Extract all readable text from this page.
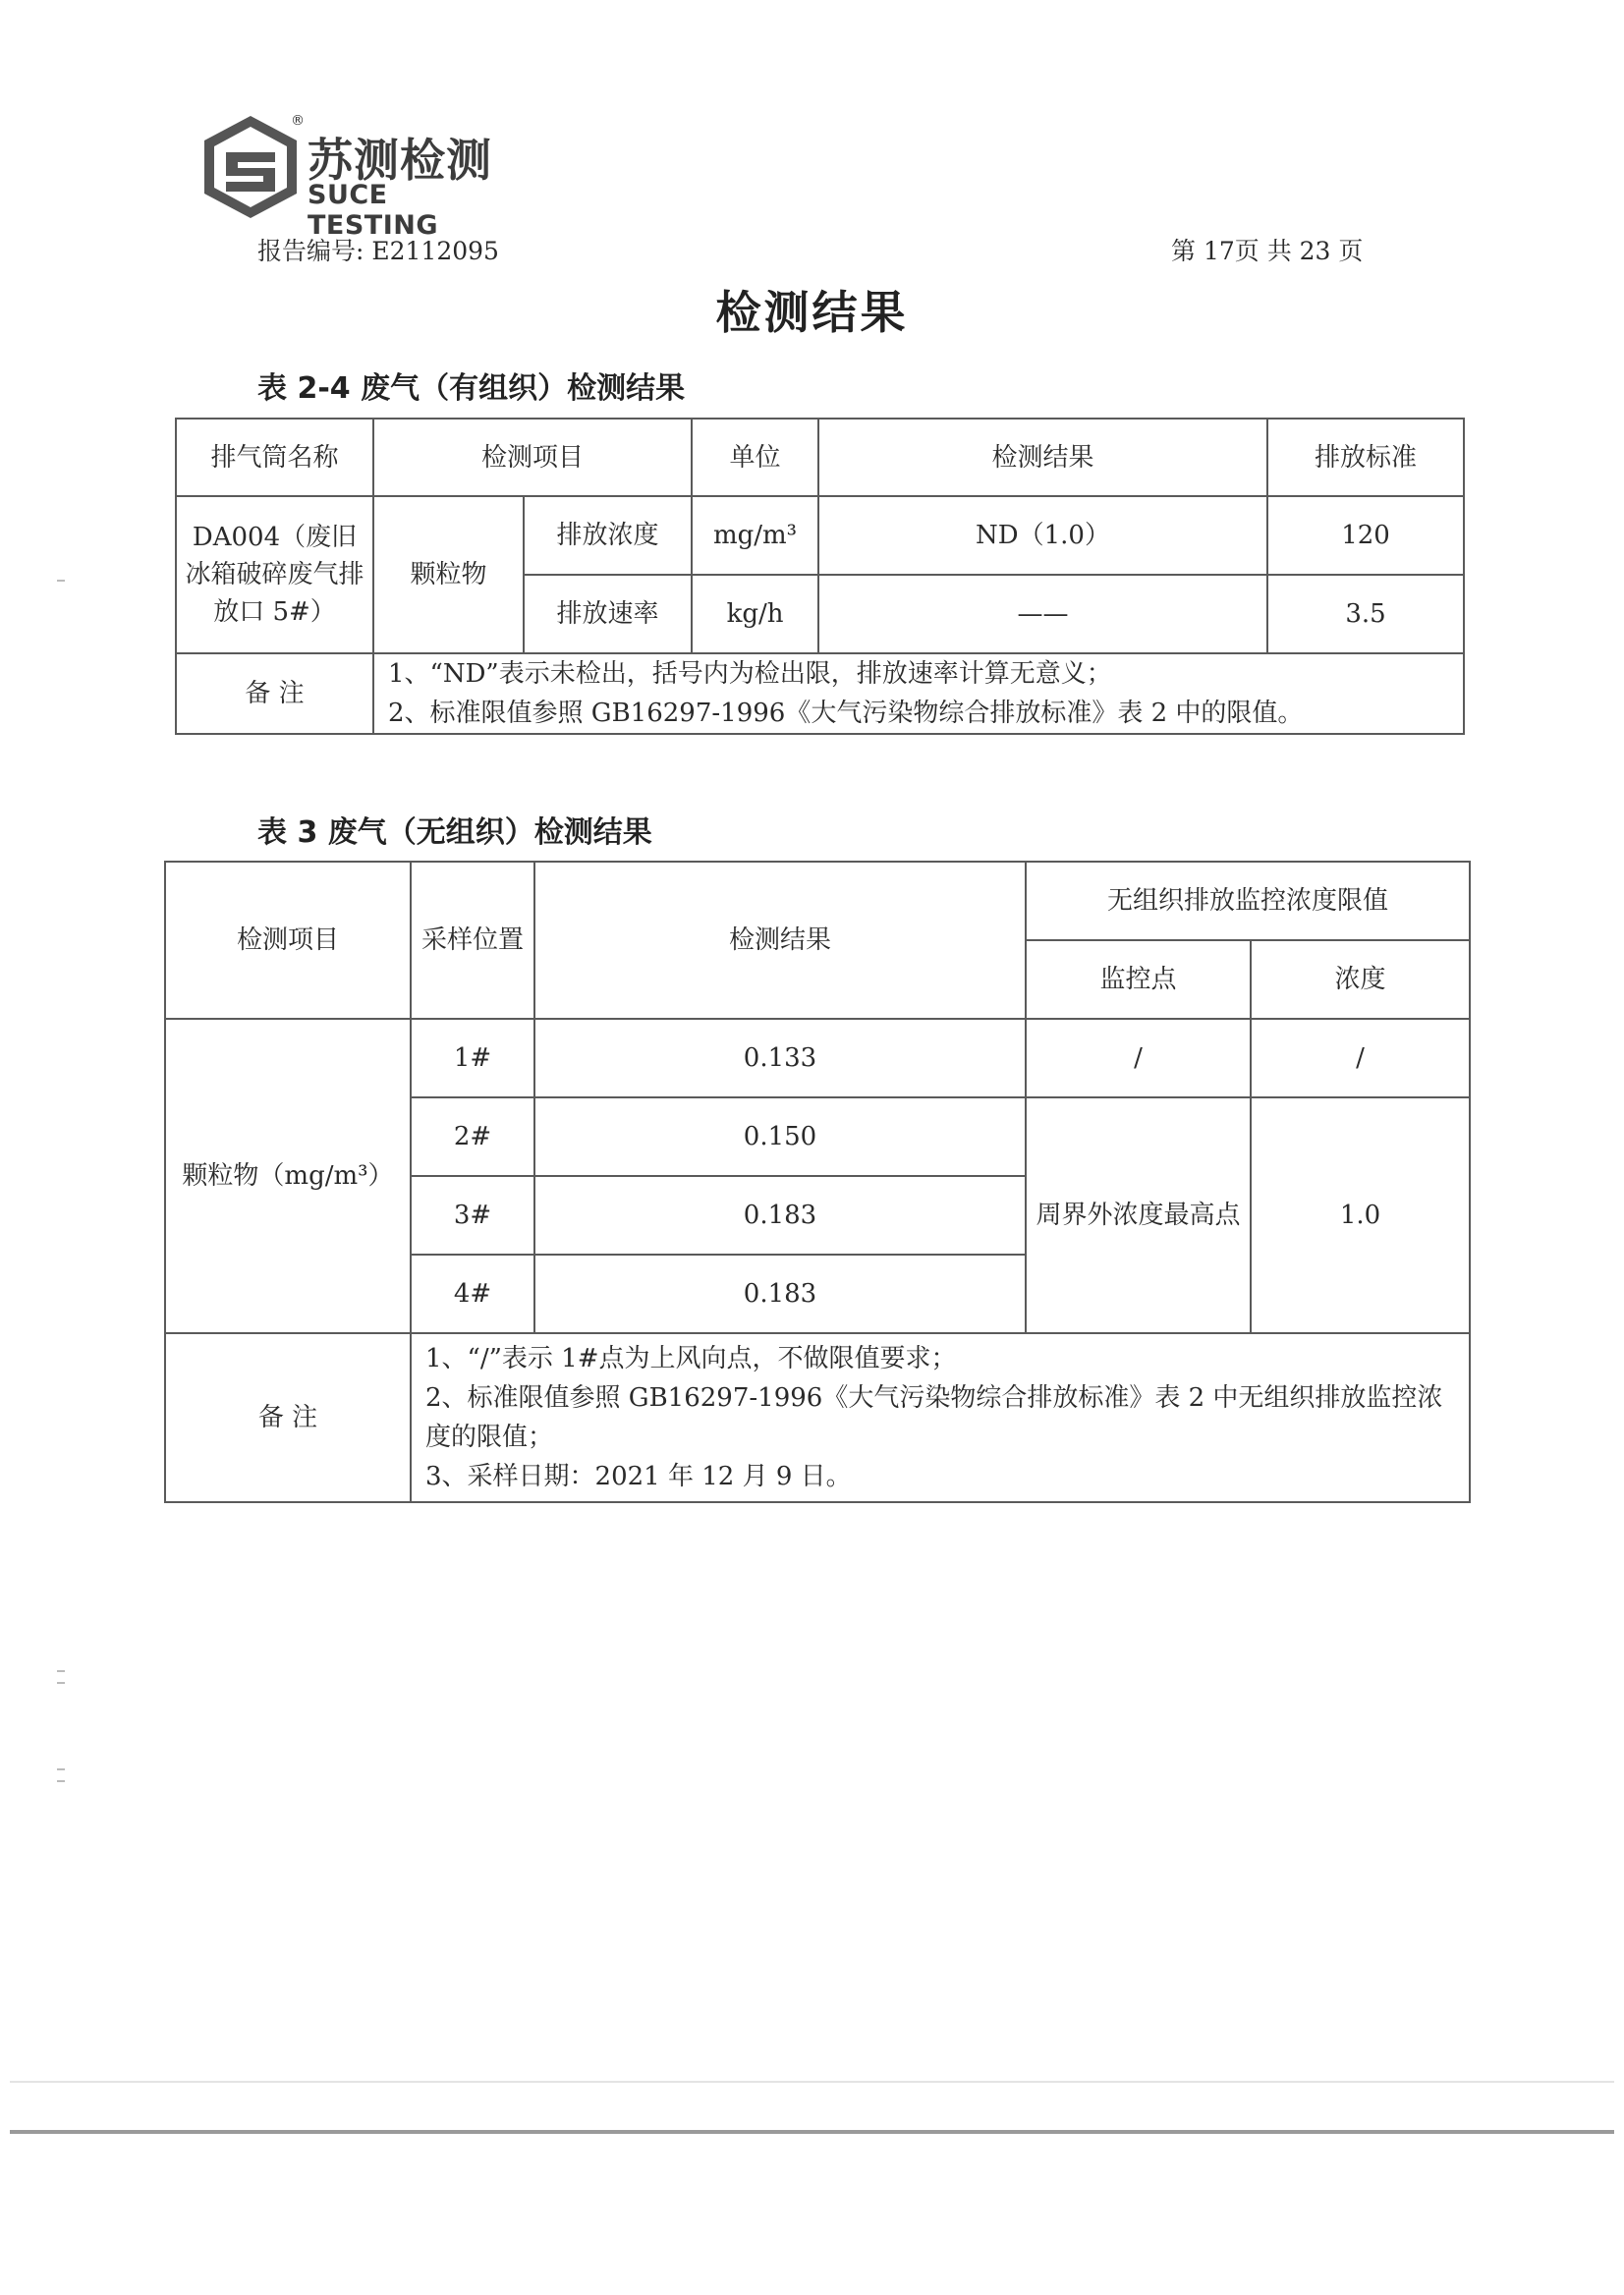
®
苏测检测
SUCE TESTING
报告编号: E2112095	第 17页 共 23 页
检测结果
表 2-4 废气（有组织）检测结果
排气筒名称	检测项目		单位	检测结果	排放标准
DA004（废旧冰箱破碎废气排放口 5#）	颗粒物	排放浓度	mg/m³	ND（1.0）	120
		排放速率	kg/h	——	3.5
备 注	1、“ND”表示未检出，括号内为检出限，排放速率计算无意义；
2、标准限值参照 GB16297-1996《大气污染物综合排放标准》表 2 中的限值。				
表 3 废气（无组织）检测结果
检测项目	采样位置	检测结果	无组织排放监控浓度限值	
			监控点	浓度
颗粒物（mg/m³）	1#	0.133	/	/
	2#	0.150	周界外浓度最高点	1.0
	3#	0.183		
	4#	0.183		
备 注	1、“/”表示 1#点为上风向点，不做限值要求；
2、标准限值参照 GB16297-1996《大气污染物综合排放标准》表 2 中无组织排放监控浓度的限值；
3、采样日期：2021 年 12 月 9 日。			
